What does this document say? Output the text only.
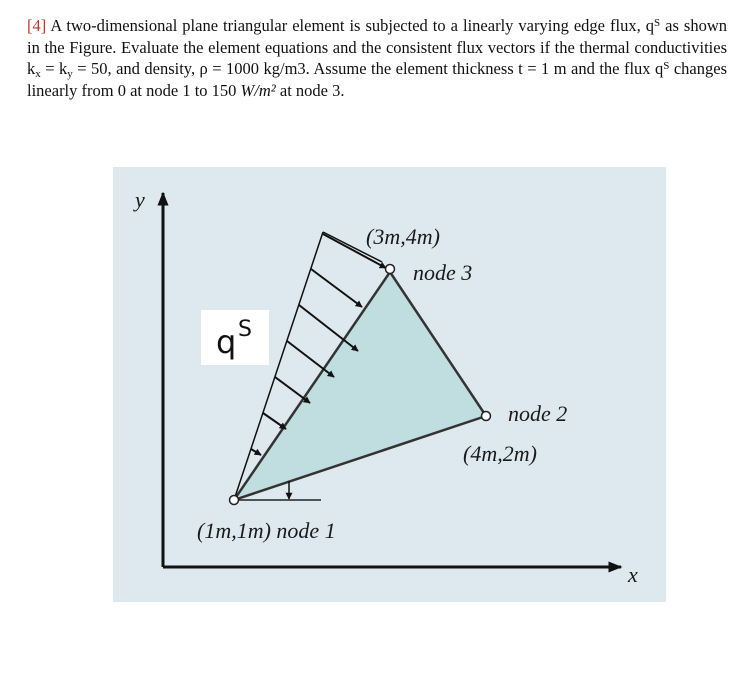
[4] A two-dimensional plane triangular element is subjected to a linearly varying edge flux, $q^S$ as shown in the Figure. Evaluate the element equations and the consistent flux vectors if the thermal conductivities $k_x = k_y = 50$, and density, ρ = 1000 kg/m3. Assume the element thickness t = 1 m and the flux $q^S$ changes linearly from 0 at node 1 to 150 W/m² at node 3.
y
x
q S
(3m,4m)
node 3
node 2
(4m,2m)
(1m,1m) node 1
